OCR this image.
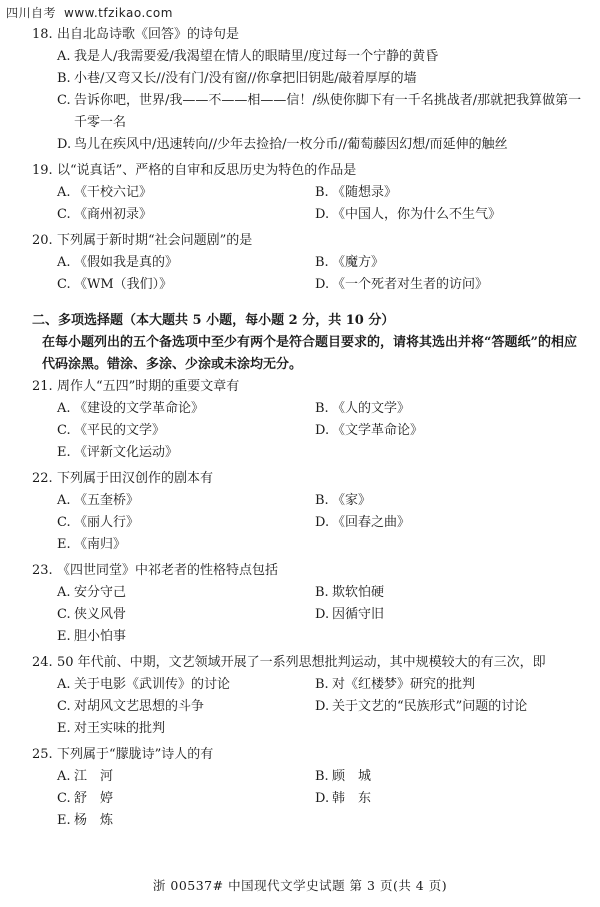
四川自考 www.tfzikao.com
18. 出自北岛诗歌《回答》的诗句是
A. 我是人/我需要爱/我渴望在情人的眼睛里/度过每一个宁静的黄昏
B. 小巷/又弯又长//没有门/没有窗//你拿把旧钥匙/敲着厚厚的墙
C. 告诉你吧，世界/我——不——相——信！/纵使你脚下有一千名挑战者/那就把我算做第一千零一名
D. 鸟儿在疾风中/迅速转向//少年去捡拾/一枚分币//葡萄藤因幻想/而延伸的触丝
19. 以“说真话”、严格的自审和反思历史为特色的作品是
A. 《干校六记》	B. 《随想录》
C. 《商州初录》	D. 《中国人，你为什么不生气》
20. 下列属于新时期“社会问题剧”的是
A. 《假如我是真的》	B. 《魔方》
C. 《WM（我们）》	D. 《一个死者对生者的访问》
二、多项选择题（本大题共 5 小题，每小题 2 分，共 10 分）
在每小题列出的五个备选项中至少有两个是符合题目要求的，请将其选出并将“答题纸”的相应代码涂黑。错涂、多涂、少涂或未涂均无分。
21. 周作人“五四”时期的重要文章有
A. 《建设的文学革命论》	B. 《人的文学》
C. 《平民的文学》	D. 《文学革命论》
E. 《评新文化运动》
22. 下列属于田汉创作的剧本有
A. 《五奎桥》	B. 《家》
C. 《丽人行》	D. 《回春之曲》
E. 《南归》
23. 《四世同堂》中祁老者的性格特点包括
A. 安分守己	B. 欺软怕硬
C. 侠义风骨	D. 因循守旧
E. 胆小怕事
24. 50 年代前、中期，文艺领域开展了一系列思想批判运动，其中规模较大的有三次，即
A. 关于电影《武训传》的讨论	B. 对《红楼梦》研究的批判
C. 对胡风文艺思想的斗争	D. 关于文艺的“民族形式”问题的讨论
E. 对王实味的批判
25. 下列属于“朦胧诗”诗人的有
A. 江　河	B. 顾　城
C. 舒　婷	D. 韩　东
E. 杨　炼
浙 00537# 中国现代文学史试题 第 3 页(共 4 页)
